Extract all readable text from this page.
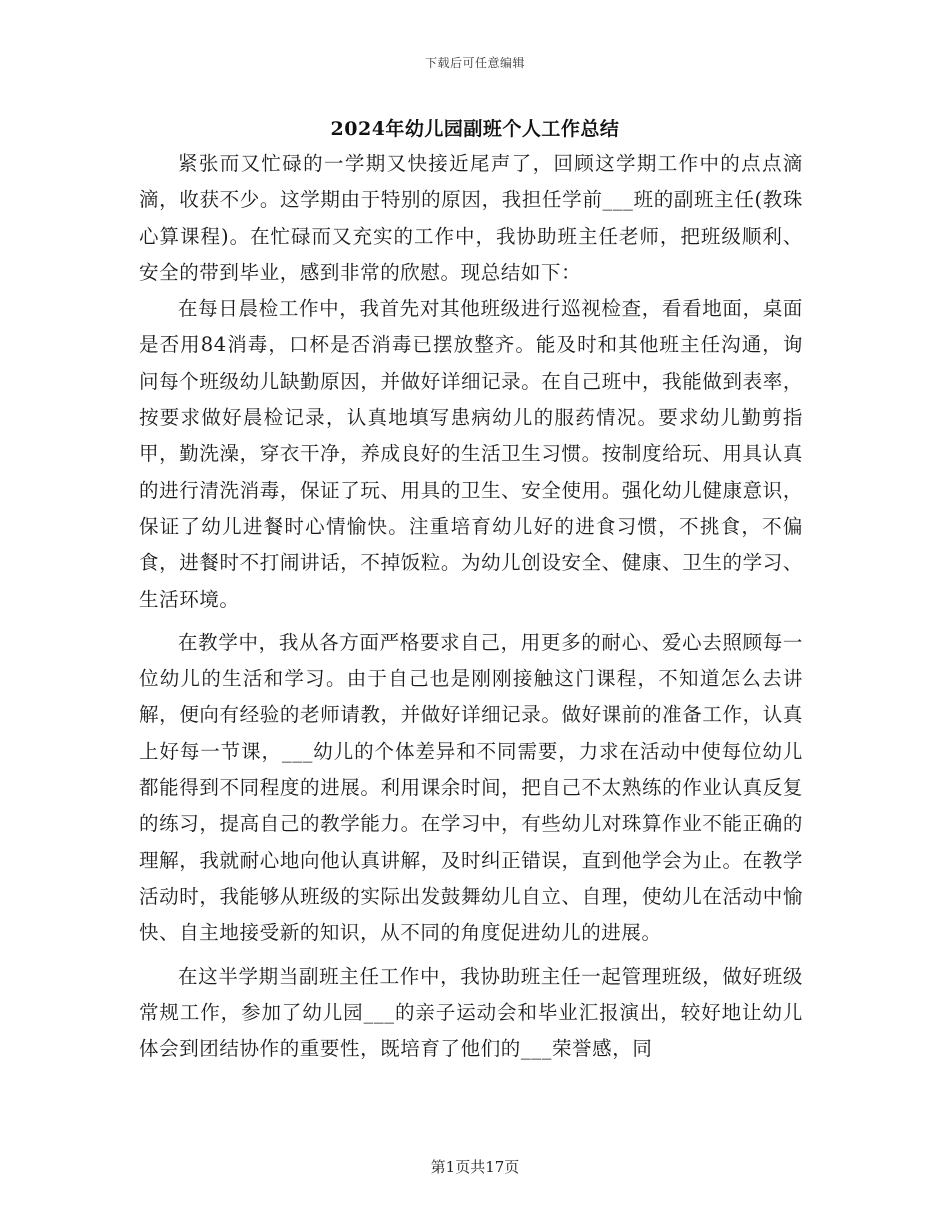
下载后可任意编辑
2024年幼儿园副班个人工作总结

紧张而又忙碌的一学期又快接近尾声了，回顾这学期工作中的点点滴滴，收获不少。这学期由于特别的原因，我担任学前___班的副班主任(教珠心算课程)。在忙碌而又充实的工作中，我协助班主任老师，把班级顺利、安全的带到毕业，感到非常的欣慰。现总结如下：

在每日晨检工作中，我首先对其他班级进行巡视检查，看看地面，桌面是否用84消毒，口杯是否消毒已摆放整齐。能及时和其他班主任沟通，询问每个班级幼儿缺勤原因，并做好详细记录。在自己班中，我能做到表率，按要求做好晨检记录，认真地填写患病幼儿的服药情况。要求幼儿勤剪指甲，勤洗澡，穿衣干净，养成良好的生活卫生习惯。按制度给玩、用具认真的进行清洗消毒，保证了玩、用具的卫生、安全使用。强化幼儿健康意识，保证了幼儿进餐时心情愉快。注重培育幼儿好的进食习惯，不挑食，不偏食，进餐时不打闹讲话，不掉饭粒。为幼儿创设安全、健康、卫生的学习、生活环境。

在教学中，我从各方面严格要求自己，用更多的耐心、爱心去照顾每一位幼儿的生活和学习。由于自己也是刚刚接触这门课程，不知道怎么去讲解，便向有经验的老师请教，并做好详细记录。做好课前的准备工作，认真上好每一节课，___幼儿的个体差异和不同需要，力求在活动中使每位幼儿都能得到不同程度的进展。利用课余时间，把自己不太熟练的作业认真反复的练习，提高自己的教学能力。在学习中，有些幼儿对珠算作业不能正确的理解，我就耐心地向他认真讲解，及时纠正错误，直到他学会为止。在教学活动时，我能够从班级的实际出发鼓舞幼儿自立、自理，使幼儿在活动中愉快、自主地接受新的知识，从不同的角度促进幼儿的进展。

在这半学期当副班主任工作中，我协助班主任一起管理班级，做好班级常规工作，参加了幼儿园___的亲子运动会和毕业汇报演出，较好地让幼儿体会到团结协作的重要性，既培育了他们的___荣誉感，同

第1页共17页
